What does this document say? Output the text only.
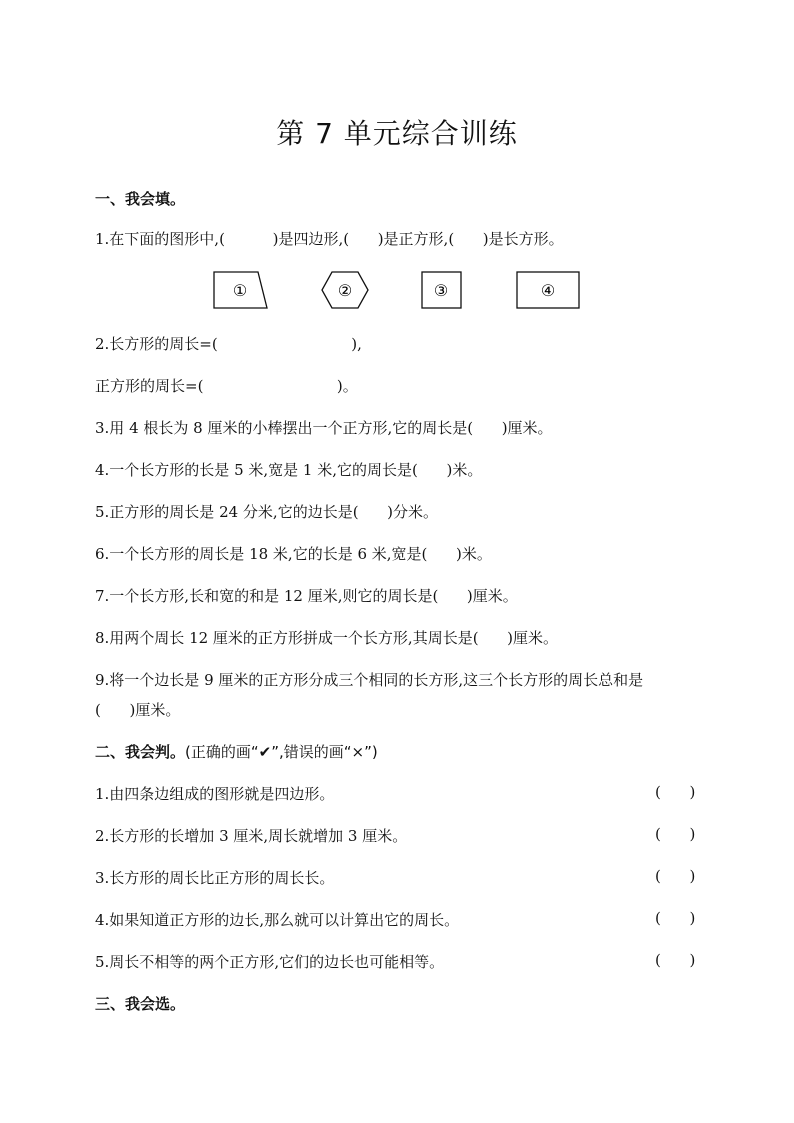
第 7 单元综合训练
一、我会填。
1.在下面的图形中,(          )是四边形,(      )是正方形,(      )是长方形。
①	②	③	④
2.长方形的周长=(                            ),
正方形的周长=(                            )。
3.用 4 根长为 8 厘米的小棒摆出一个正方形,它的周长是(      )厘米。
4.一个长方形的长是 5 米,宽是 1 米,它的周长是(      )米。
5.正方形的周长是 24 分米,它的边长是(      )分米。
6.一个长方形的周长是 18 米,它的长是 6 米,宽是(      )米。
7.一个长方形,长和宽的和是 12 厘米,则它的周长是(      )厘米。
8.用两个周长 12 厘米的正方形拼成一个长方形,其周长是(      )厘米。
9.将一个边长是 9 厘米的正方形分成三个相同的长方形,这三个长方形的周长总和是
(      )厘米。
二、我会判。(正确的画“✔”,错误的画“×”)
1.由四条边组成的图形就是四边形。	(      )
2.长方形的长增加 3 厘米,周长就增加 3 厘米。	(      )
3.长方形的周长比正方形的周长长。	(      )
4.如果知道正方形的边长,那么就可以计算出它的周长。	(      )
5.周长不相等的两个正方形,它们的边长也可能相等。	(      )
三、我会选。
